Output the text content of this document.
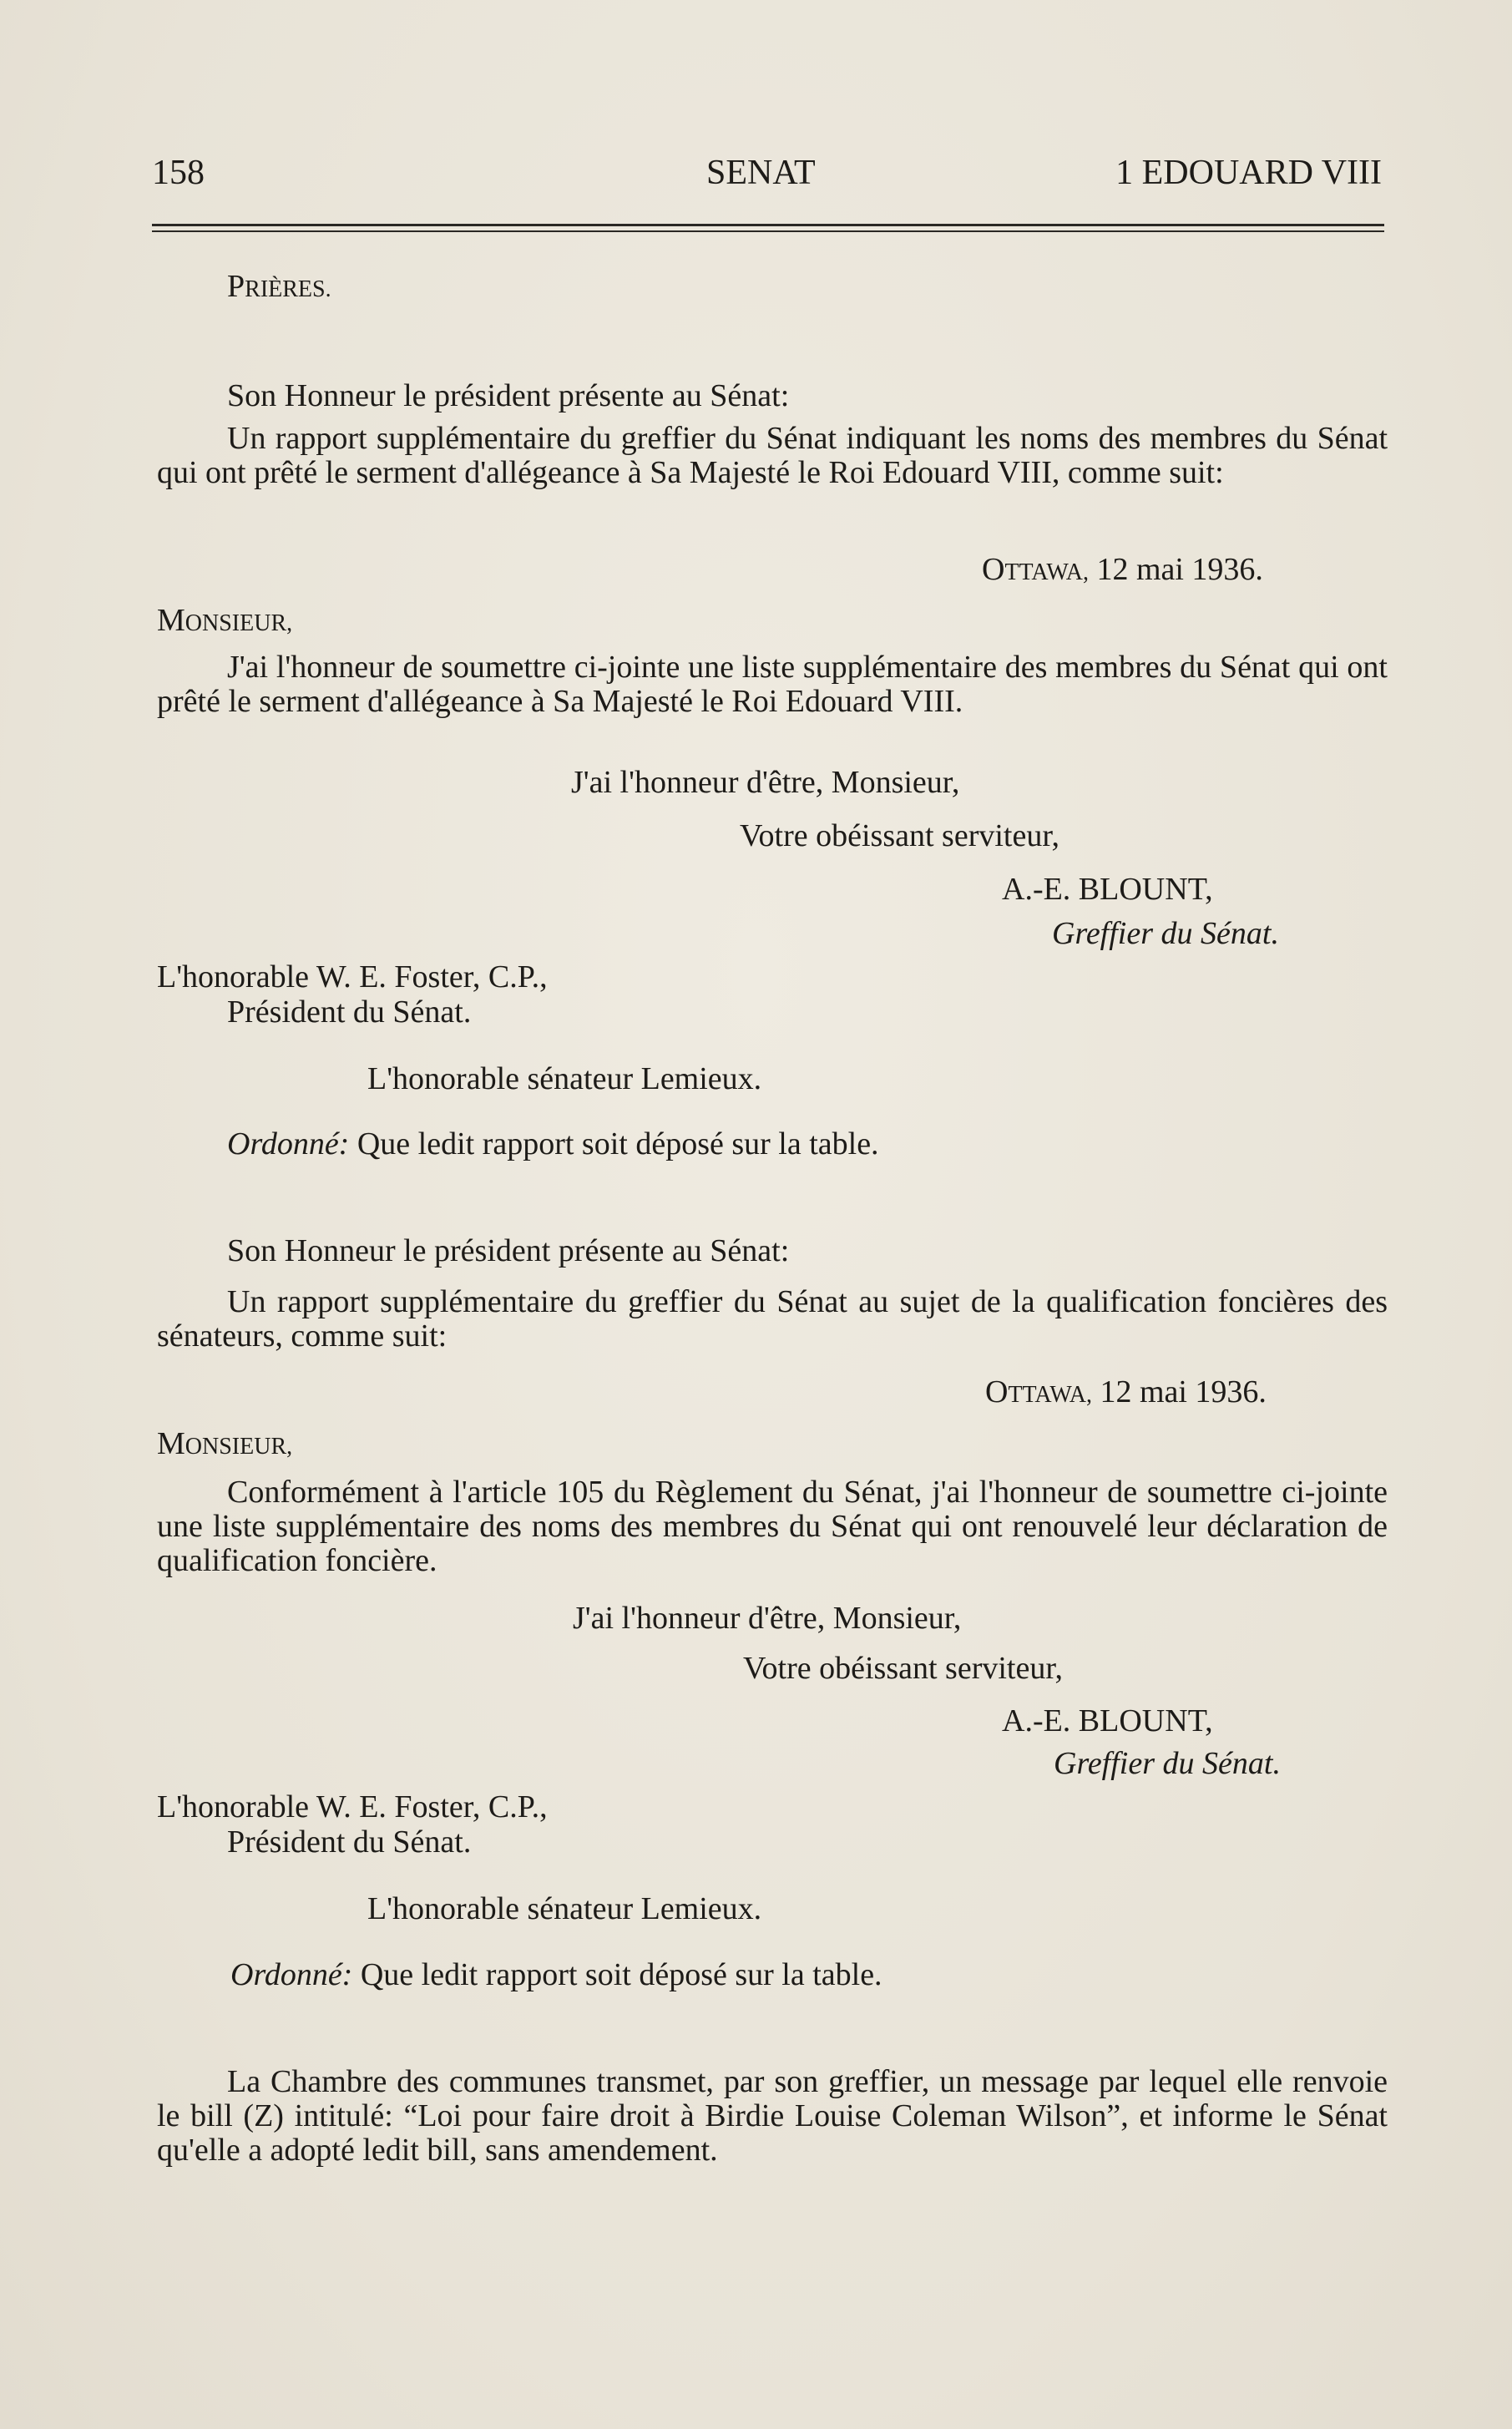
158	SENAT	1 EDOUARD VIII
PRIÈRES.
Son Honneur le président présente au Sénat:
Un rapport supplémentaire du greffier du Sénat indiquant les noms des membres du Sénat qui ont prêté le serment d'allégeance à Sa Majesté le Roi Edouard VIII, comme suit:
OTTAWA, 12 mai 1936.
MONSIEUR,
J'ai l'honneur de soumettre ci-jointe une liste supplémentaire des membres du Sénat qui ont prêté le serment d'allégeance à Sa Majesté le Roi Edouard VIII.
J'ai l'honneur d'être, Monsieur,
Votre obéissant serviteur,
A.-E. BLOUNT,
Greffier du Sénat.
L'honorable W. E. Foster, C.P.,
Président du Sénat.
L'honorable sénateur Lemieux.
Ordonné: Que ledit rapport soit déposé sur la table.
Son Honneur le président présente au Sénat:
Un rapport supplémentaire du greffier du Sénat au sujet de la qualification foncières des sénateurs, comme suit:
OTTAWA, 12 mai 1936.
MONSIEUR,
Conformément à l'article 105 du Règlement du Sénat, j'ai l'honneur de soumettre ci-jointe une liste supplémentaire des noms des membres du Sénat qui ont renouvelé leur déclaration de qualification foncière.
J'ai l'honneur d'être, Monsieur,
Votre obéissant serviteur,
A.-E. BLOUNT,
Greffier du Sénat.
L'honorable W. E. Foster, C.P.,
Président du Sénat.
L'honorable sénateur Lemieux.
Ordonné: Que ledit rapport soit déposé sur la table.
La Chambre des communes transmet, par son greffier, un message par lequel elle renvoie le bill (Z) intitulé: “Loi pour faire droit à Birdie Louise Coleman Wilson”, et informe le Sénat qu'elle a adopté ledit bill, sans amendement.
